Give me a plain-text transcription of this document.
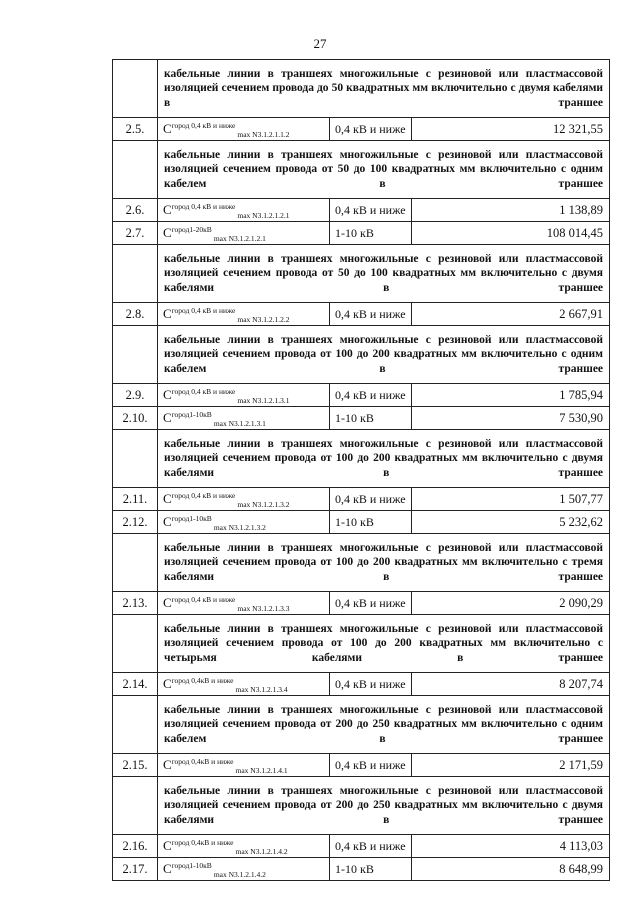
27
	кабельные линии в траншеях многожильные с резиновой или пластмассовой изоляцией сечением провода до 50 квадратных мм включительно с двумя кабелями в траншее		
2.5.	$C^{город 0,4 кВ и ниже}_{max N3.1.2.1.1.2}$	0,4 кВ и ниже	12 321,55
	кабельные линии в траншеях многожильные с резиновой или пластмассовой изоляцией сечением провода от 50 до 100 квадратных мм включительно с одним кабелем в траншее		
2.6.	$C^{город 0,4 кВ и ниже}_{max N3.1.2.1.2.1}$	0,4 кВ и ниже	1 138,89
2.7.	$C^{город1-20кВ}_{max N3.1.2.1.2.1}$	1-10 кВ	108 014,45
	кабельные линии в траншеях многожильные с резиновой или пластмассовой изоляцией сечением провода от 50 до 100 квадратных мм включительно с двумя кабелями в траншее		
2.8.	$C^{город 0,4 кВ и ниже}_{max N3.1.2.1.2.2}$	0,4 кВ и ниже	2 667,91
	кабельные линии в траншеях многожильные с резиновой или пластмассовой изоляцией сечением провода от 100 до 200 квадратных мм включительно с одним кабелем в траншее		
2.9.	$C^{город 0,4 кВ и ниже}_{max N3.1.2.1.3.1}$	0,4 кВ и ниже	1 785,94
2.10.	$C^{город1-10кВ}_{max N3.1.2.1.3.1}$	1-10 кВ	7 530,90
	кабельные линии в траншеях многожильные с резиновой или пластмассовой изоляцией сечением провода от 100 до 200 квадратных мм включительно с двумя кабелями в траншее		
2.11.	$C^{город 0,4 кВ и ниже}_{max N3.1.2.1.3.2}$	0,4 кВ и ниже	1 507,77
2.12.	$C^{город1-10кВ}_{max N3.1.2.1.3.2}$	1-10 кВ	5 232,62
	кабельные линии в траншеях многожильные с резиновой или пластмассовой изоляцией сечением провода от 100 до 200 квадратных мм включительно с тремя кабелями в траншее		
2.13.	$C^{город 0,4 кВ и ниже}_{max N3.1.2.1.3.3}$	0,4 кВ и ниже	2 090,29
	кабельные линии в траншеях многожильные с резиновой или пластмассовой изоляцией сечением провода от 100 до 200 квадратных мм включительно с четырьмя кабелями в траншее		
2.14.	$C^{город 0,4кВ и ниже}_{max N3.1.2.1.3.4}$	0,4 кВ и ниже	8 207,74
	кабельные линии в траншеях многожильные с резиновой или пластмассовой изоляцией сечением провода от 200 до 250 квадратных мм включительно с одним кабелем в траншее		
2.15.	$C^{город 0,4кВ и ниже}_{max N3.1.2.1.4.1}$	0,4 кВ и ниже	2 171,59
	кабельные линии в траншеях многожильные с резиновой или пластмассовой изоляцией сечением провода от 200 до 250 квадратных мм включительно с двумя кабелями в траншее		
2.16.	$C^{город 0,4кВ и ниже}_{max N3.1.2.1.4.2}$	0,4 кВ и ниже	4 113,03
2.17.	$C^{город1-10кВ}_{max N3.1.2.1.4.2}$	1-10 кВ	8 648,99
